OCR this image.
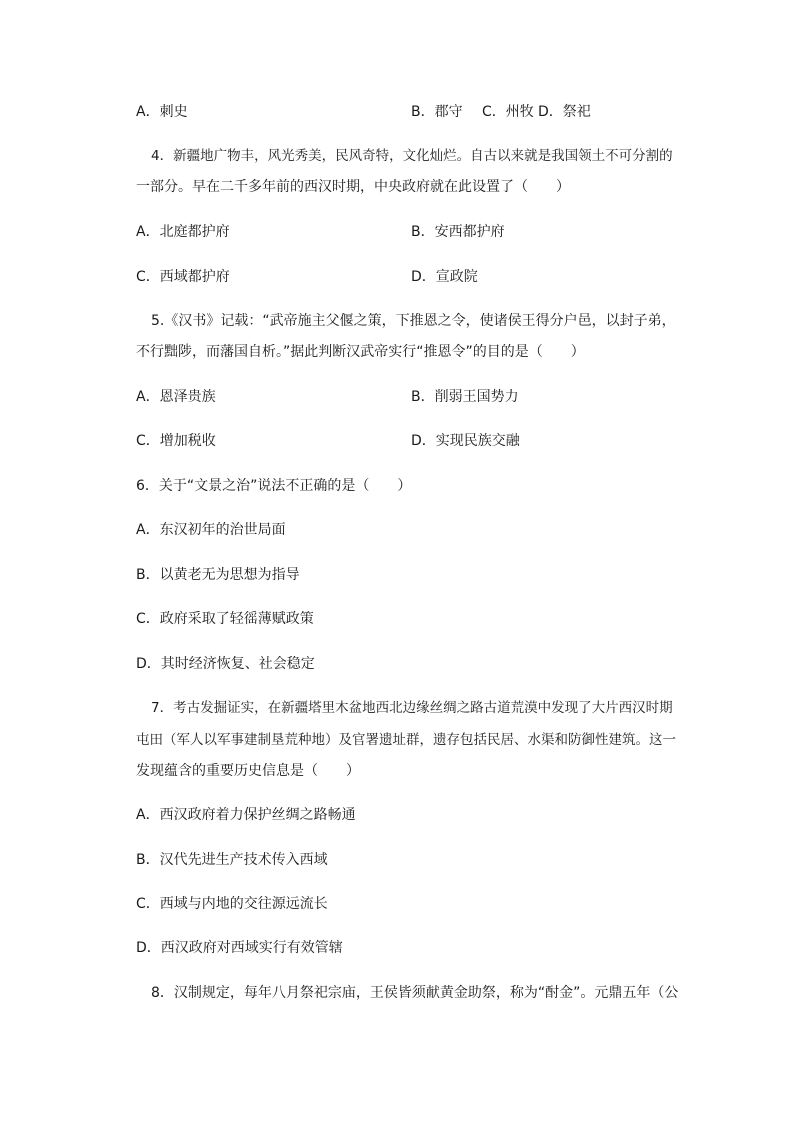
A．刺史	B．郡守 C．州牧 D．祭祀
4．新疆地广物丰，风光秀美，民风奇特，文化灿烂。自古以来就是我国领土不可分割的
一部分。早在二千多年前的西汉时期，中央政府就在此设置了（　　）
A．北庭都护府	B．安西都护府
C．西域都护府	D．宣政院
5.《汉书》记载：“武帝施主父偃之策，下推恩之令，使诸侯王得分户邑，以封子弟，
不行黜陟，而藩国自析。”据此判断汉武帝实行“推恩令”的目的是（　　）
A．恩泽贵族	B．削弱王国势力
C．增加税收	D．实现民族交融
6．关于“文景之治”说法不正确的是（　　）
A．东汉初年的治世局面
B．以黄老无为思想为指导
C．政府采取了轻徭薄赋政策
D．其时经济恢复、社会稳定
7．考古发掘证实，在新疆塔里木盆地西北边缘丝绸之路古道荒漠中发现了大片西汉时期
屯田（军人以军事建制垦荒种地）及官署遗址群，遗存包括民居、水渠和防御性建筑。这一
发现蕴含的重要历史信息是（　　）
A．西汉政府着力保护丝绸之路畅通
B．汉代先进生产技术传入西域
C．西域与内地的交往源远流长
D．西汉政府对西域实行有效管辖
8．汉制规定，每年八月祭祀宗庙，王侯皆须献黄金助祭，称为“酎金”。元鼎五年（公
